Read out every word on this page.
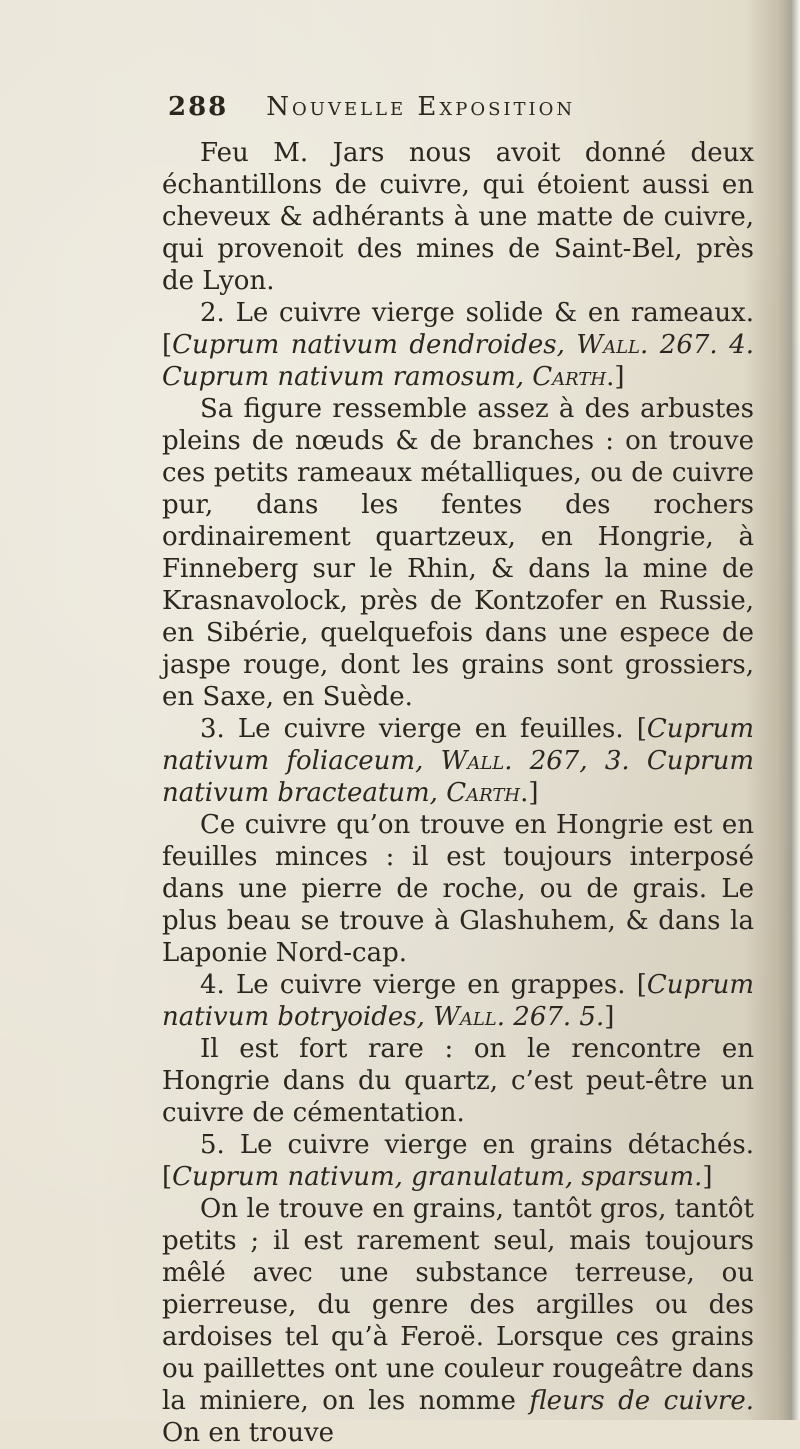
288 Nouvelle Exposition

Feu M. Jars nous avoit donné deux échantillons de cuivre, qui étoient aussi en cheveux & adhérants à une matte de cuivre, qui provenoit des mines de Saint-Bel, près de Lyon.

2. Le cuivre vierge solide & en rameaux. [Cuprum nativum dendroides, Wall. 267. 4. Cuprum nativum ramosum, Carth.]

Sa figure ressemble assez à des arbustes pleins de nœuds & de branches : on trouve ces petits rameaux métalliques, ou de cuivre pur, dans les fentes des rochers ordinairement quartzeux, en Hongrie, à Finneberg sur le Rhin, & dans la mine de Krasnavolock, près de Kontzofer en Russie, en Sibérie, quelquefois dans une espece de jaspe rouge, dont les grains sont grossiers, en Saxe, en Suède.

3. Le cuivre vierge en feuilles. [Cuprum nativum foliaceum, Wall. 267, 3. Cuprum nativum bracteatum, Carth.]

Ce cuivre qu’on trouve en Hongrie est en feuilles minces : il est toujours interposé dans une pierre de roche, ou de grais. Le plus beau se trouve à Glashuhem, & dans la Laponie Nord-cap.

4. Le cuivre vierge en grappes. [Cuprum nativum botryoides, Wall. 267. 5.]

Il est fort rare : on le rencontre en Hongrie dans du quartz, c’est peut-être un cuivre de cémentation.

5. Le cuivre vierge en grains détachés. [Cuprum nativum, granulatum, sparsum.]

On le trouve en grains, tantôt gros, tantôt petits ; il est rarement seul, mais toujours mêlé avec une substance terreuse, ou pierreuse, du genre des argilles ou des ardoises tel qu’à Feroë. Lorsque ces grains ou paillettes ont une couleur rougeâtre dans la miniere, on les nomme fleurs de cuivre. On en trouve
